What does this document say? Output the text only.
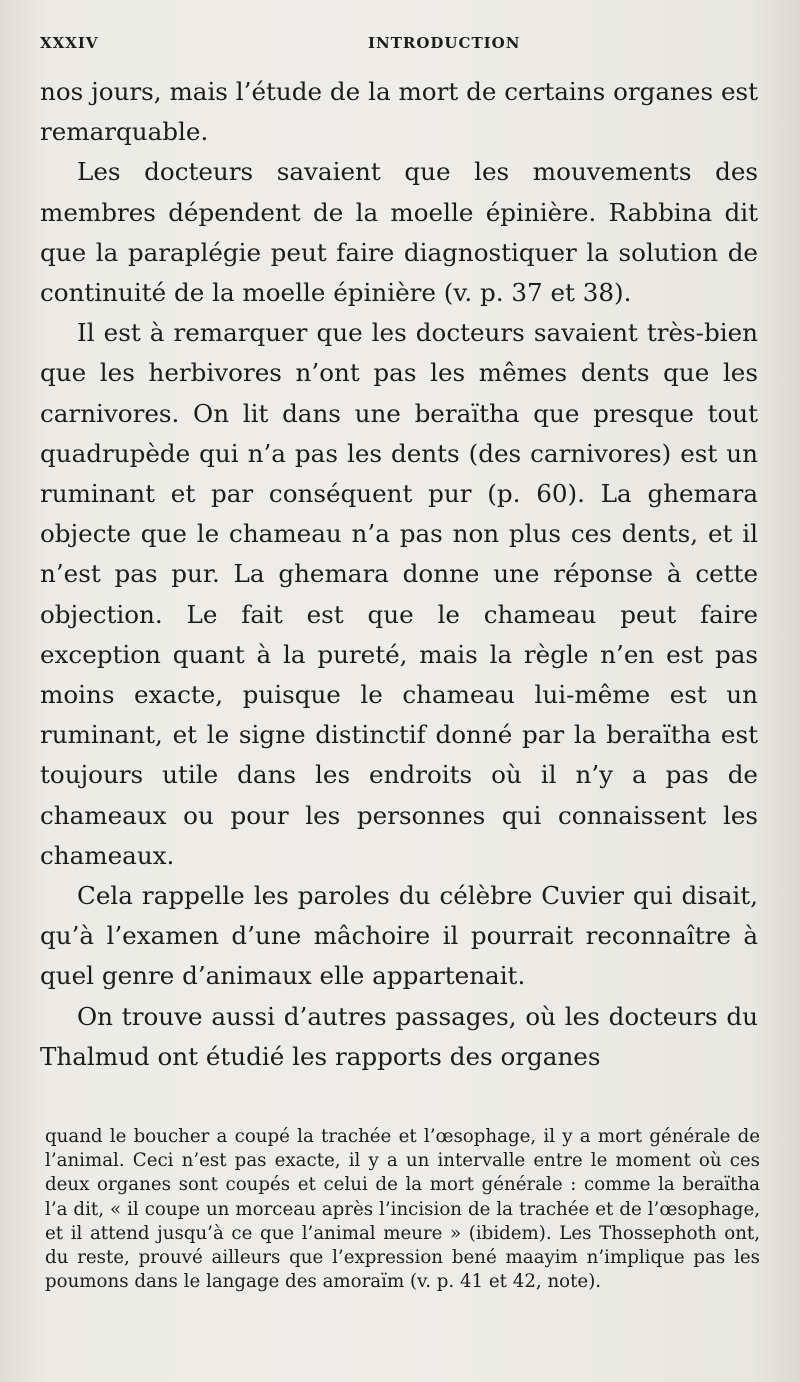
XXXIV	INTRODUCTION

nos jours, mais l’étude de la mort de certains organes est remarquable.

Les docteurs savaient que les mouvements des membres dépendent de la moelle épinière. Rabbina dit que la paraplégie peut faire diagnostiquer la solution de continuité de la moelle épinière (v. p. 37 et 38).

Il est à remarquer que les docteurs savaient très-bien que les herbivores n’ont pas les mêmes dents que les carnivores. On lit dans une beraïtha que presque tout quadrupède qui n’a pas les dents (des carnivores) est un ruminant et par conséquent pur (p. 60). La ghemara objecte que le chameau n’a pas non plus ces dents, et il n’est pas pur. La ghemara donne une réponse à cette objection. Le fait est que le chameau peut faire exception quant à la pureté, mais la règle n’en est pas moins exacte, puisque le chameau lui-même est un ruminant, et le signe distinctif donné par la beraïtha est toujours utile dans les endroits où il n’y a pas de chameaux ou pour les personnes qui connaissent les chameaux.

Cela rappelle les paroles du célèbre Cuvier qui disait, qu’à l’examen d’une mâchoire il pourrait reconnaître à quel genre d’animaux elle appartenait.

On trouve aussi d’autres passages, où les docteurs du Thalmud ont étudié les rapports des organes

quand le boucher a coupé la trachée et l’œsophage, il y a mort générale de l’animal. Ceci n’est pas exacte, il y a un intervalle entre le moment où ces deux organes sont coupés et celui de la mort générale : comme la beraïtha l’a dit, « il coupe un morceau après l’incision de la trachée et de l’œsophage, et il attend jusqu’à ce que l’animal meure » (ibidem). Les Thossephoth ont, du reste, prouvé ailleurs que l’expression bené maayim n’implique pas les poumons dans le langage des amoraïm (v. p. 41 et 42, note).
